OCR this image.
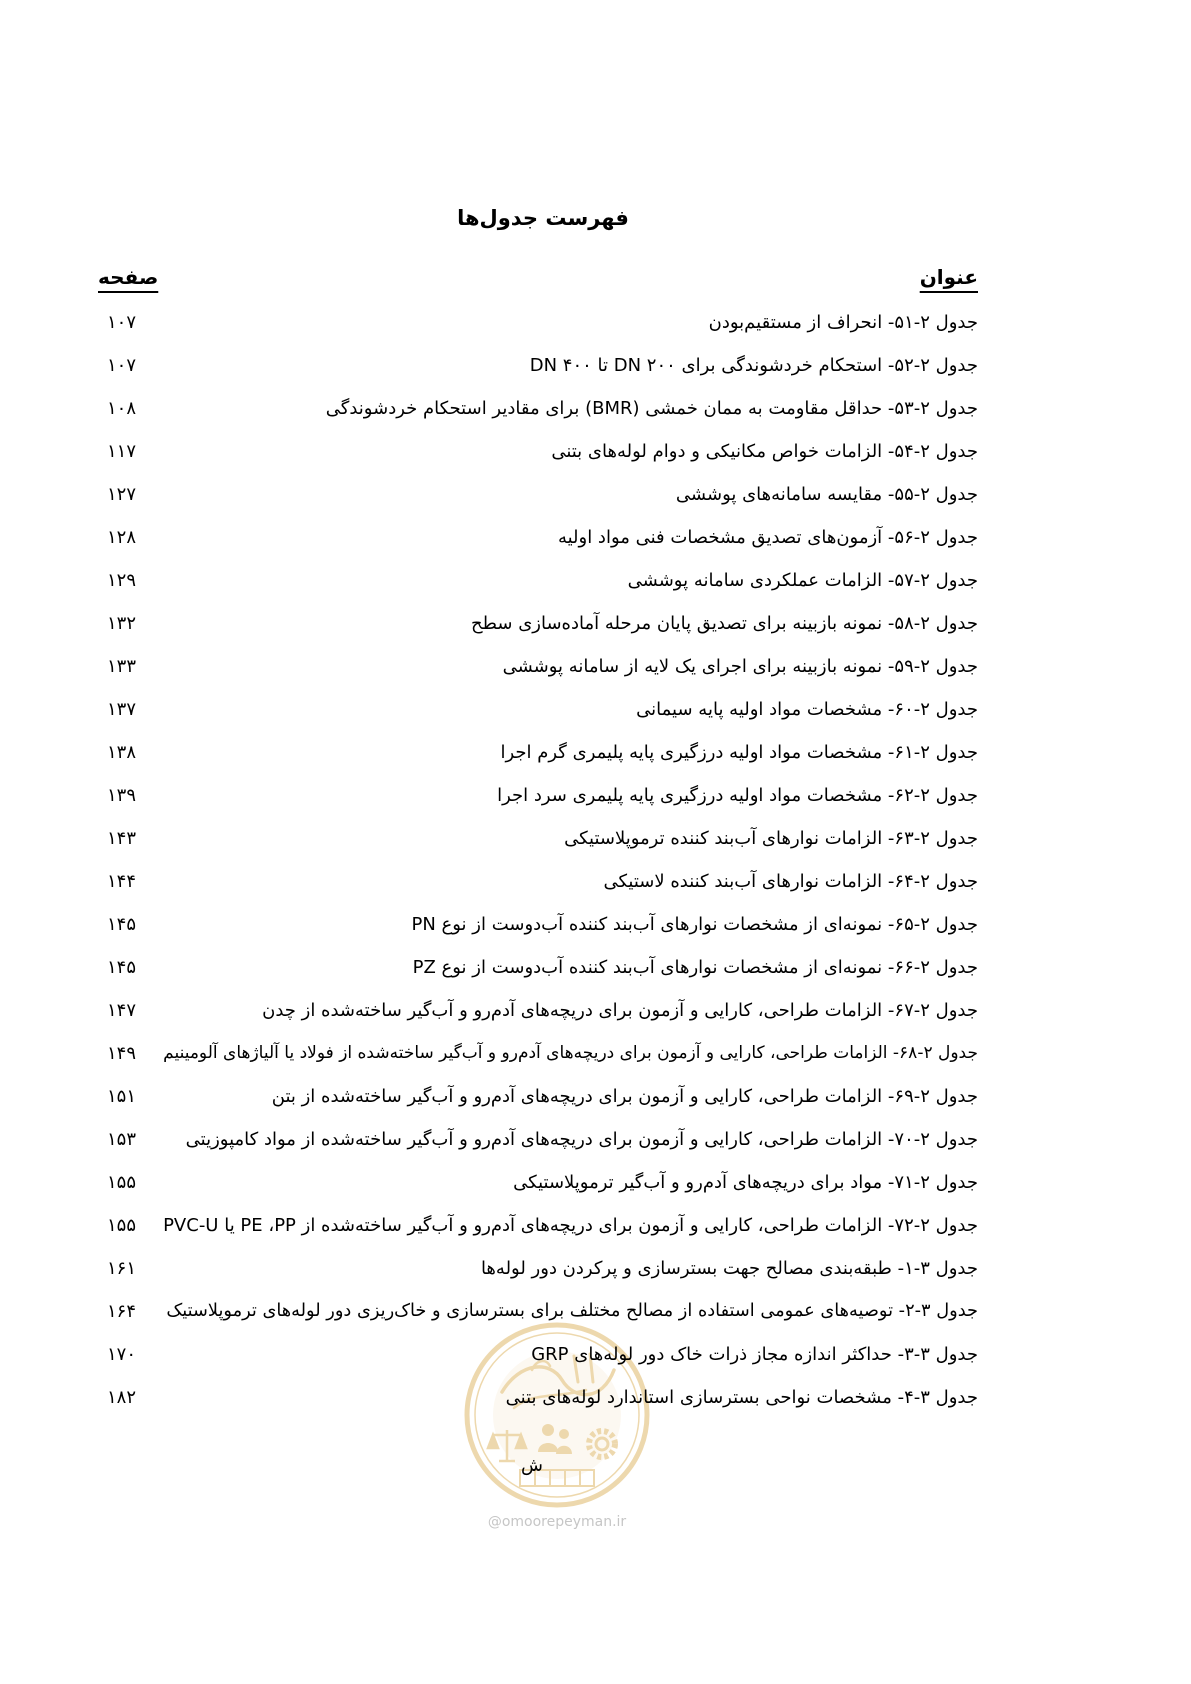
فهرست جدول‌ها
عنوان
صفحه
جدول ۲-۵۱- انحراف از مستقیم‌بودن
۱۰۷
جدول ۲-۵۲- استحکام خردشوندگی برای DN ۲۰۰ تا DN ۴۰۰
۱۰۷
جدول ۲-۵۳- حداقل مقاومت به ممان خمشی (BMR) برای مقادیر استحکام خردشوندگی
۱۰۸
جدول ۲-۵۴- الزامات خواص مکانیکی و دوام لوله‌های بتنی
۱۱۷
جدول ۲-۵۵- مقایسه سامانه‌های پوششی
۱۲۷
جدول ۲-۵۶- آزمون‌های تصدیق مشخصات فنی مواد اولیه
۱۲۸
جدول ۲-۵۷- الزامات عملکردی سامانه پوششی
۱۲۹
جدول ۲-۵۸- نمونه بازبینه برای تصدیق پایان مرحله آماده‌سازی سطح
۱۳۲
جدول ۲-۵۹- نمونه بازبینه برای اجرای یک لایه از سامانه پوششی
۱۳۳
جدول ۲-۶۰- مشخصات مواد اولیه پایه سیمانی
۱۳۷
جدول ۲-۶۱- مشخصات مواد اولیه درزگیری پایه پلیمری گرم اجرا
۱۳۸
جدول ۲-۶۲- مشخصات مواد اولیه درزگیری پایه پلیمری سرد اجرا
۱۳۹
جدول ۲-۶۳- الزامات نوارهای آب‌بند کننده ترموپلاستیکی
۱۴۳
جدول ۲-۶۴- الزامات نوارهای آب‌بند کننده لاستیکی
۱۴۴
جدول ۲-۶۵- نمونه‌ای از مشخصات نوارهای آب‌بند کننده آب‌دوست از نوع PN
۱۴۵
جدول ۲-۶۶- نمونه‌ای از مشخصات نوارهای آب‌بند کننده آب‌دوست از نوع PZ
۱۴۵
جدول ۲-۶۷- الزامات طراحی، کارایی و آزمون برای دریچه‌های آدم‌رو و آب‌گیر ساخته‌شده از چدن
۱۴۷
جدول ۲-۶۸- الزامات طراحی، کارایی و آزمون برای دریچه‌های آدم‌رو و آب‌گیر ساخته‌شده از فولاد یا آلیاژهای آلومینیم
۱۴۹
جدول ۲-۶۹- الزامات طراحی، کارایی و آزمون برای دریچه‌های آدم‌رو و آب‌گیر ساخته‌شده از بتن
۱۵۱
جدول ۲-۷۰- الزامات طراحی، کارایی و آزمون برای دریچه‌های آدم‌رو و آب‌گیر ساخته‌شده از مواد کامپوزیتی
۱۵۳
جدول ۲-۷۱- مواد برای دریچه‌های آدم‌رو و آب‌گیر ترموپلاستیکی
۱۵۵
جدول ۲-۷۲- الزامات طراحی، کارایی و آزمون برای دریچه‌های آدم‌رو و آب‌گیر ساخته‌شده از PP‏، PE یا PVC-U
۱۵۵
جدول ۳-۱- طبقه‌بندی مصالح جهت بسترسازی و پرکردن دور لوله‌ها
۱۶۱
جدول ۳-۲- توصیه‌های عمومی استفاده از مصالح مختلف برای بسترسازی و خاک‌ریزی دور لوله‌های ترموپلاستیک
۱۶۴
جدول ۳-۳- حداکثر اندازه مجاز ذرات خاک دور لوله‌های GRP
۱۷۰
جدول ۳-۴- مشخصات نواحی بسترسازی استاندارد لوله‌های بتنی
۱۸۲
ش
@omoorepeyman.ir
